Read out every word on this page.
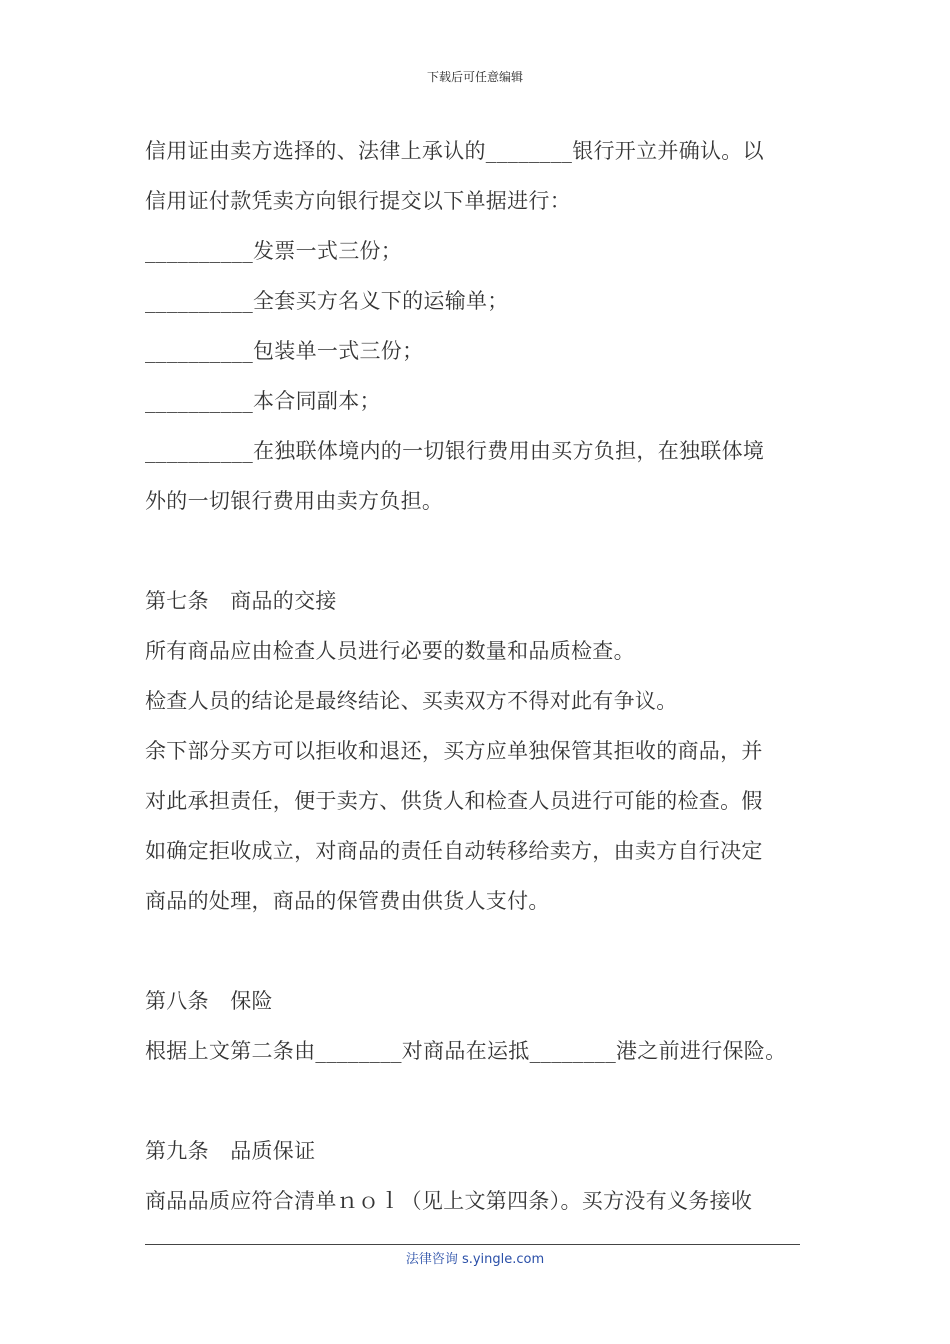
下载后可任意编辑
信用证由卖方选择的、法律上承认的________银行开立并确认。以
信用证付款凭卖方向银行提交以下单据进行：
__________发票一式三份；
__________全套买方名义下的运输单；
__________包装单一式三份；
__________本合同副本；
__________在独联体境内的一切银行费用由买方负担，在独联体境
外的一切银行费用由卖方负担。
第七条　商品的交接
所有商品应由检查人员进行必要的数量和品质检查。
检查人员的结论是最终结论、买卖双方不得对此有争议。
余下部分买方可以拒收和退还，买方应单独保管其拒收的商品，并
对此承担责任，便于卖方、供货人和检查人员进行可能的检查。假
如确定拒收成立，对商品的责任自动转移给卖方，由卖方自行决定
商品的处理，商品的保管费由供货人支付。
第八条　保险
根据上文第二条由________对商品在运抵________港之前进行保险。
第九条　品质保证
商品品质应符合清单ｎｏｌ（见上文第四条）。买方没有义务接收
法律咨询 s.yingle.com
